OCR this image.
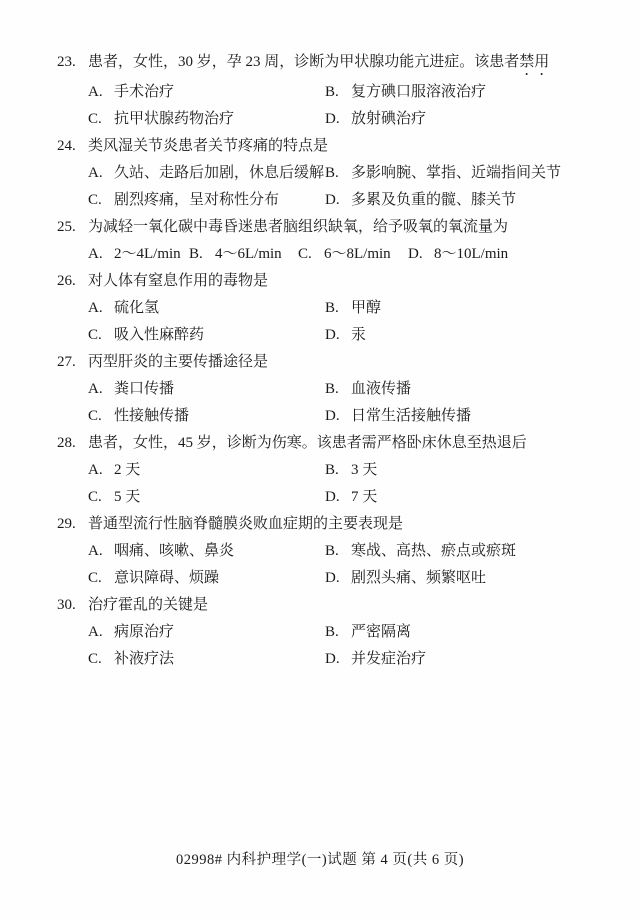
23. 患者，女性，30 岁，孕 23 周，诊断为甲状腺功能亢进症。该患者禁用
A. 手术治疗	B. 复方碘口服溶液治疗
C. 抗甲状腺药物治疗	D. 放射碘治疗
24. 类风湿关节炎患者关节疼痛的特点是
A. 久站、走路后加剧，休息后缓解 B. 多影响腕、掌指、近端指间关节
C. 剧烈疼痛，呈对称性分布	D. 多累及负重的髋、膝关节
25. 为减轻一氧化碳中毒昏迷患者脑组织缺氧，给予吸氧的氧流量为
A. 2～4L/min B. 4～6L/min C. 6～8L/min D. 8～10L/min
26. 对人体有窒息作用的毒物是
A. 硫化氢	B. 甲醇
C. 吸入性麻醉药	D. 汞
27. 丙型肝炎的主要传播途径是
A. 粪口传播	B. 血液传播
C. 性接触传播	D. 日常生活接触传播
28. 患者，女性，45 岁，诊断为伤寒。该患者需严格卧床休息至热退后
A. 2 天	B. 3 天
C. 5 天	D. 7 天
29. 普通型流行性脑脊髓膜炎败血症期的主要表现是
A. 咽痛、咳嗽、鼻炎	B. 寒战、高热、瘀点或瘀斑
C. 意识障碍、烦躁	D. 剧烈头痛、频繁呕吐
30. 治疗霍乱的关键是
A. 病原治疗	B. 严密隔离
C. 补液疗法	D. 并发症治疗
02998# 内科护理学(一)试题 第 4 页(共 6 页)
